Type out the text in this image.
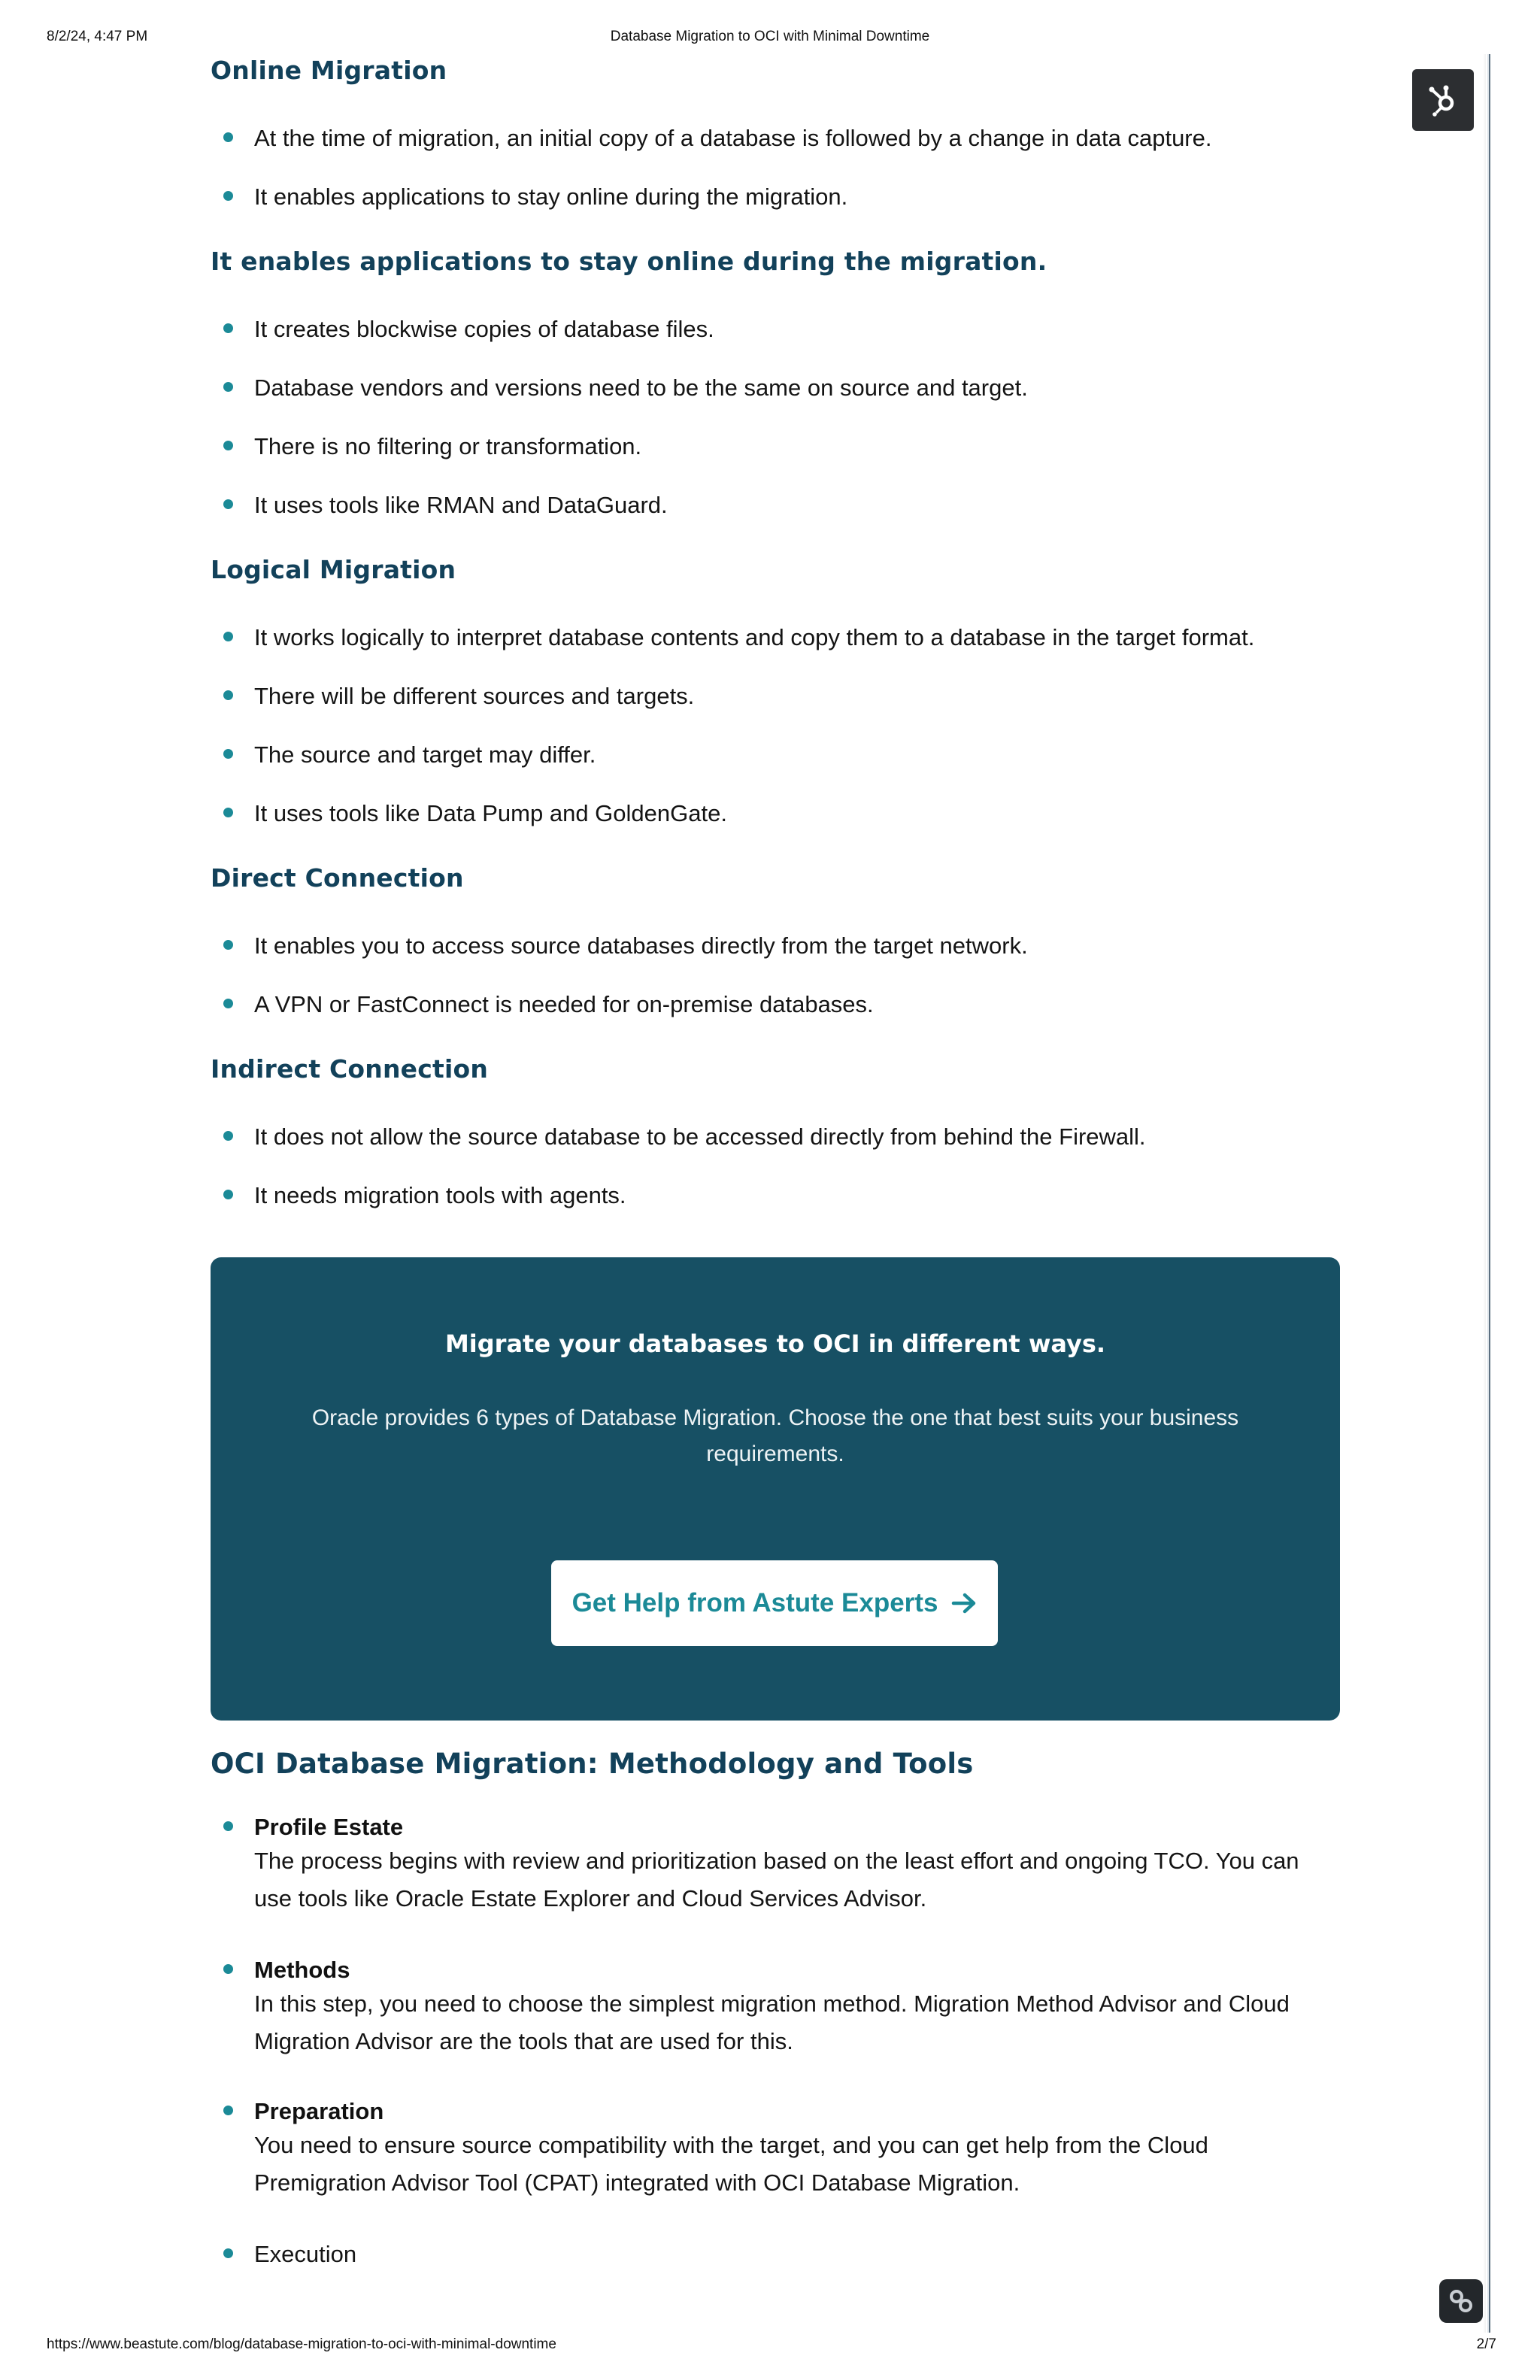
8/2/24, 4:47 PM	Database Migration to OCI with Minimal Downtime
Online Migration
At the time of migration, an initial copy of a database is followed by a change in data capture.
It enables applications to stay online during the migration.
It enables applications to stay online during the migration.
It creates blockwise copies of database files.
Database vendors and versions need to be the same on source and target.
There is no filtering or transformation.
It uses tools like RMAN and DataGuard.
Logical Migration
It works logically to interpret database contents and copy them to a database in the target format.
There will be different sources and targets.
The source and target may differ.
It uses tools like Data Pump and GoldenGate.
Direct Connection
It enables you to access source databases directly from the target network.
A VPN or FastConnect is needed for on-premise databases.
Indirect Connection
It does not allow the source database to be accessed directly from behind the Firewall.
It needs migration tools with agents.
Migrate your databases to OCI in different ways.
Oracle provides 6 types of Database Migration. Choose the one that best suits your business requirements.
Get Help from Astute Experts
OCI Database Migration: Methodology and Tools
Profile Estate
The process begins with review and prioritization based on the least effort and ongoing TCO. You can use tools like Oracle Estate Explorer and Cloud Services Advisor.
Methods
In this step, you need to choose the simplest migration method. Migration Method Advisor and Cloud Migration Advisor are the tools that are used for this.
Preparation
You need to ensure source compatibility with the target, and you can get help from the Cloud Premigration Advisor Tool (CPAT) integrated with OCI Database Migration.
Execution
https://www.beastute.com/blog/database-migration-to-oci-with-minimal-downtime	2/7
